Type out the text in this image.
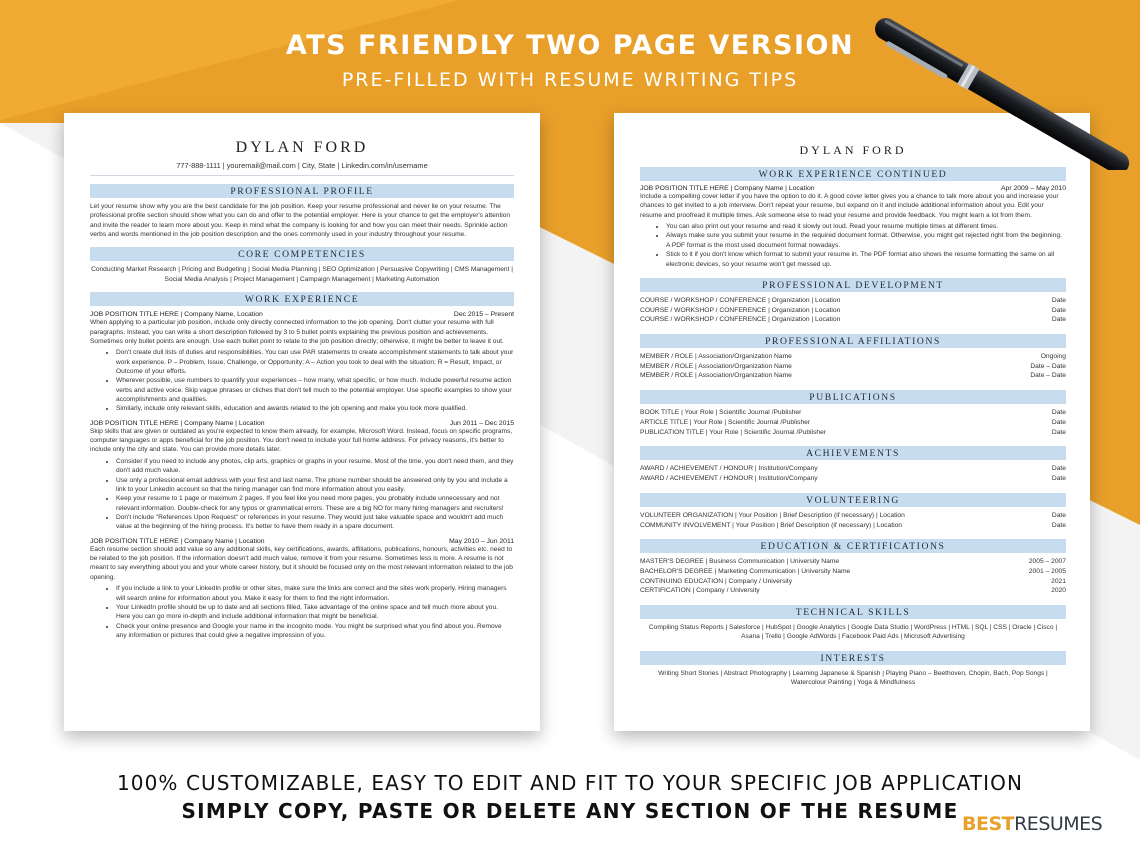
ATS FRIENDLY TWO PAGE VERSION
PRE-FILLED WITH RESUME WRITING TIPS
DYLAN FORD
777-888-1111 | youremail@mail.com | City, State | Linkedin.com/in/username
PROFESSIONAL PROFILE
Let your resume show why you are the best candidate for the job position. Keep your resume professional and never lie on your resume. The professional profile section should show what you can do and offer to the potential employer. Here is your chance to get the employer's attention and invite the reader to learn more about you. Keep in mind what the company is looking for and how you can meet their needs. Sprinkle action verbs and words mentioned in the job position description and the ones commonly used in your industry throughout your resume.
CORE COMPETENCIES
Conducting Market Research | Pricing and Budgeting | Social Media Planning | SEO Optimization | Persuasive Copywriting | CMS Management | Social Media Analysis | Project Management | Campaign Management | Marketing Automation
WORK EXPERIENCE
JOB POSITION TITLE HERE | Company Name, Location	Dec 2015 – Present
When applying to a particular job position, include only directly connected information to the job opening. Don't clutter your resume with full paragraphs. Instead, you can write a short description followed by 3 to 5 bullet points explaining the previous position and achievements. Sometimes only bullet points are enough. Use each bullet point to relate to the job position directly; otherwise, it might be better to leave it out.
• Don't create dull lists of duties and responsibilities. You can use PAR statements to create accomplishment statements to talk about your work experience. P – Problem, Issue, Challenge, or Opportunity; A – Action you took to deal with the situation; R = Result, Impact, or Outcome of your efforts.
• Wherever possible, use numbers to quantify your experiences – how many, what specific, or how much. Include powerful resume action verbs and active voice. Skip vague phrases or cliches that don't tell much to the potential employer. Use specific examples to show your accomplishments and qualities.
• Similarly, include only relevant skills, education and awards related to the job opening and make you look more qualified.
JOB POSITION TITLE HERE | Company Name | Location	Jun 2011 – Dec 2015
Skip skills that are given or outdated as you're expected to know them already, for example, Microsoft Word. Instead, focus on specific programs, computer languages or apps beneficial for the job position. You don't need to include your full home address. For privacy reasons, it's better to include only the city and state. You can provide more details later.
• Consider if you need to include any photos, clip arts, graphics or graphs in your resume. Most of the time, you don't need them, and they don't add much value.
• Use only a professional email address with your first and last name. The phone number should be answered only by you and include a link to your LinkedIn account so that the hiring manager can find more information about you easily.
• Keep your resume to 1 page or maximum 2 pages. If you feel like you need more pages, you probably include unnecessary and not relevant information. Double-check for any typos or grammatical errors. These are a big NO for many hiring managers and recruiters!
• Don't include "References Upon Request" or references in your resume. They would just take valuable space and wouldn't add much value at the beginning of the hiring process. It's better to have them ready in a spare document.
JOB POSITION TITLE HERE | Company Name | Location	May 2010 – Jun 2011
Each resume section should add value so any additional skills, key certifications, awards, affiliations, publications, honours, activities etc. need to be related to the job position. If the information doesn't add much value, remove it from your resume. Sometimes less is more. A resume is not meant to say everything about you and your whole career history, but it should be focused only on the most relevant information related to the job opening.
• If you include a link to your LinkedIn profile or other sites, make sure the links are correct and the sites work properly. Hiring managers will search online for information about you. Make it easy for them to find the right information.
• Your LinkedIn profile should be up to date and all sections filled. Take advantage of the online space and tell much more about you. Here you can go more in-depth and include additional information that might be beneficial.
• Check your online presence and Google your name in the incognito mode. You might be surprised what you find about you. Remove any information or pictures that could give a negative impression of you.
DYLAN FORD
WORK EXPERIENCE CONTINUED
JOB POSITION TITLE HERE | Company Name | Location	Apr 2009 – May 2010
Include a compelling cover letter if you have the option to do it. A good cover letter gives you a chance to talk more about you and increase your chances to get invited to a job interview. Don't repeat your resume, but expand on it and include additional information about you. Edit your resume and proofread it multiple times. Ask someone else to read your resume and provide feedback. You might learn a lot from them.
• You can also print out your resume and read it slowly out loud. Read your resume multiple times at different times.
• Always make sure you submit your resume in the required document format. Otherwise, you might get rejected right from the beginning. A PDF format is the most used document format nowadays.
• Stick to it if you don't know which format to submit your resume in. The PDF format also shows the resume formatting the same on all electronic devices, so your resume won't get messed up.
PROFESSIONAL DEVELOPMENT
COURSE / WORKSHOP / CONFERENCE | Organization | Location	Date
COURSE / WORKSHOP / CONFERENCE | Organization | Location	Date
COURSE / WORKSHOP / CONFERENCE | Organization | Location	Date
PROFESSIONAL AFFILIATIONS
MEMBER / ROLE | Association/Organization Name	Ongoing
MEMBER / ROLE | Association/Organization Name	Date – Date
MEMBER / ROLE | Association/Organization Name	Date – Date
PUBLICATIONS
BOOK TITLE | Your Role | Scientific Journal /Publisher	Date
ARTICLE TITLE | Your Role | Scientific Journal /Publisher	Date
PUBLICATION TITLE | Your Role | Scientific Journal /Publisher	Date
ACHIEVEMENTS
AWARD / ACHIEVEMENT / HONOUR | Institution/Company	Date
AWARD / ACHIEVEMENT / HONOUR | Institution/Company	Date
VOLUNTEERING
VOLUNTEER ORGANIZATION | Your Position | Brief Description (if necessary) | Location	Date
COMMUNITY INVOLVEMENT | Your Position | Brief Description (if necessary) | Location	Date
EDUCATION & CERTIFICATIONS
MASTER'S DEGREE | Business Communication | University Name	2005 – 2007
BACHELOR'S DEGREE | Marketing Communication | University Name	2001 – 2005
CONTINUING EDUCATION | Company / University	2021
CERTIFICATION | Company / University	2020
TECHNICAL SKILLS
Compiling Status Reports | Salesforce | HubSpot | Google Analytics | Google Data Studio | WordPress | HTML | SQL | CSS | Oracle | Cisco | Asana | Trello | Google AdWords | Facebook Paid Ads | Microsoft Advertising
INTERESTS
Writing Short Stories | Abstract Photography | Learning Japanese & Spanish | Playing Piano – Beethoven, Chopin, Bach, Pop Songs | Watercolour Painting | Yoga & Mindfulness
100% CUSTOMIZABLE, EASY TO EDIT AND FIT TO YOUR SPECIFIC JOB APPLICATION
SIMPLY COPY, PASTE OR DELETE ANY SECTION OF THE RESUME
BESTRESUMES
